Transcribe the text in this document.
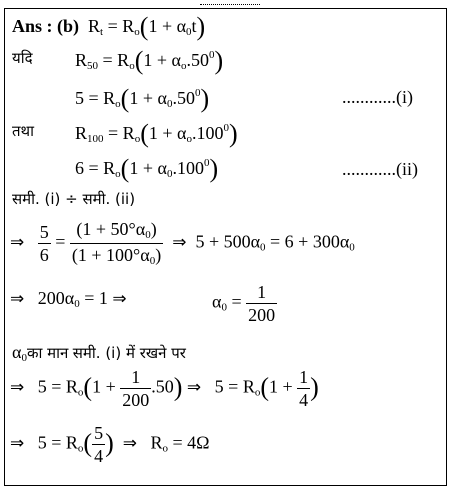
Ans : (b)  $R_t = R_o(1 + \alpha_0t)$
यदि $R_{50} = R_o(1 + \alpha_o.50^0)$
$5 = R_o(1 + \alpha_0.50^0)$	............(i)
तथा $R_{100} = R_o(1 + \alpha_o.100^0)$
$6 = R_o(1 + \alpha_0.100^0)$	............(ii)
समी. (i) ÷ समी. (ii)
⇒ $\frac{5}{6} = \frac{(1 + 50^\circ\alpha_0)}{(1 + 100^\circ\alpha_0)}$ ⇒  $5 + 500\alpha_0 = 6 + 300\alpha_0$
⇒   $200\alpha_0 = 1$ ⇒	$\alpha_0 = \frac{1}{200}$
$\alpha_0का$ मान समी. (i) में रखने पर
⇒   $5 = R_o(1 + \frac{1}{200} .50)$ ⇒   $5 = R_o(1 + \frac{1}{4}$ )
⇒   $5 = R_o( \frac{5}{4}$ ) ⇒   $R_o = 4\Omega$
